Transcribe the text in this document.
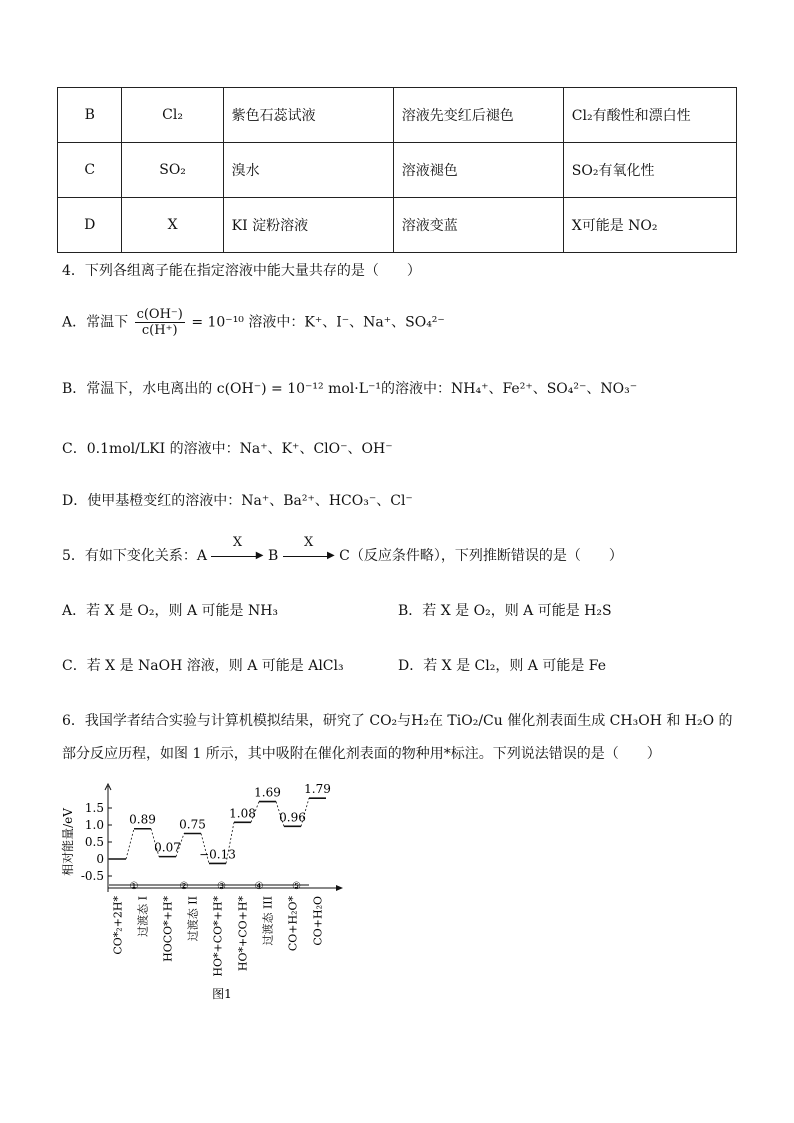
B	Cl₂	紫色石蕊试液	溶液先变红后褪色	Cl₂有酸性和漂白性
C	SO₂	溴水	溶液褪色	SO₂有氧化性
D	X	KI 淀粉溶液	溶液变蓝	X可能是 NO₂
4．下列各组离子能在指定溶液中能大量共存的是（　　）
A．常温下 $\frac{c(OH^-)}{c(H^+)} = 10^{-10}$ 溶液中：K⁺、I⁻、Na⁺、SO₄²⁻
B．常温下，水电离出的 c(OH⁻) = 10⁻¹² mol·L⁻¹的溶液中：NH₄⁺、Fe²⁺、SO₄²⁻、NO₃⁻
C．0.1mol/LKI 的溶液中：Na⁺、K⁺、ClO⁻、OH⁻
D．使甲基橙变红的溶液中：Na⁺、Ba²⁺、HCO₃⁻、Cl⁻
5．有如下变化关系：A
X
▶ B
X
▶ C（反应条件略），下列推断错误的是（　　）
A．若 X 是 O₂，则 A 可能是 NH₃	B．若 X 是 O₂，则 A 可能是 H₂S
C．若 X 是 NaOH 溶液，则 A 可能是 AlCl₃	D．若 X 是 Cl₂，则 A 可能是 Fe
6．我国学者结合实验与计算机模拟结果，研究了 CO₂与H₂在 TiO₂/Cu 催化剂表面生成 CH₃OH 和 H₂O 的
部分反应历程，如图 1 所示，其中吸附在催化剂表面的物种用*标注。下列说法错误的是（　　）
1.5
1.0
0.5
0
-0.5
相对能量/eV	0.89
0.07
0.75
−0.13
1.08
1.69
0.96
1.79
①	②	③	④	⑤
CO*₂+2H* 过渡态 I HOCO*+H* 过渡态 II HO*+CO*+H* HO*+CO+H* 过渡态 III CO+H₂O* CO+H₂O
图1
